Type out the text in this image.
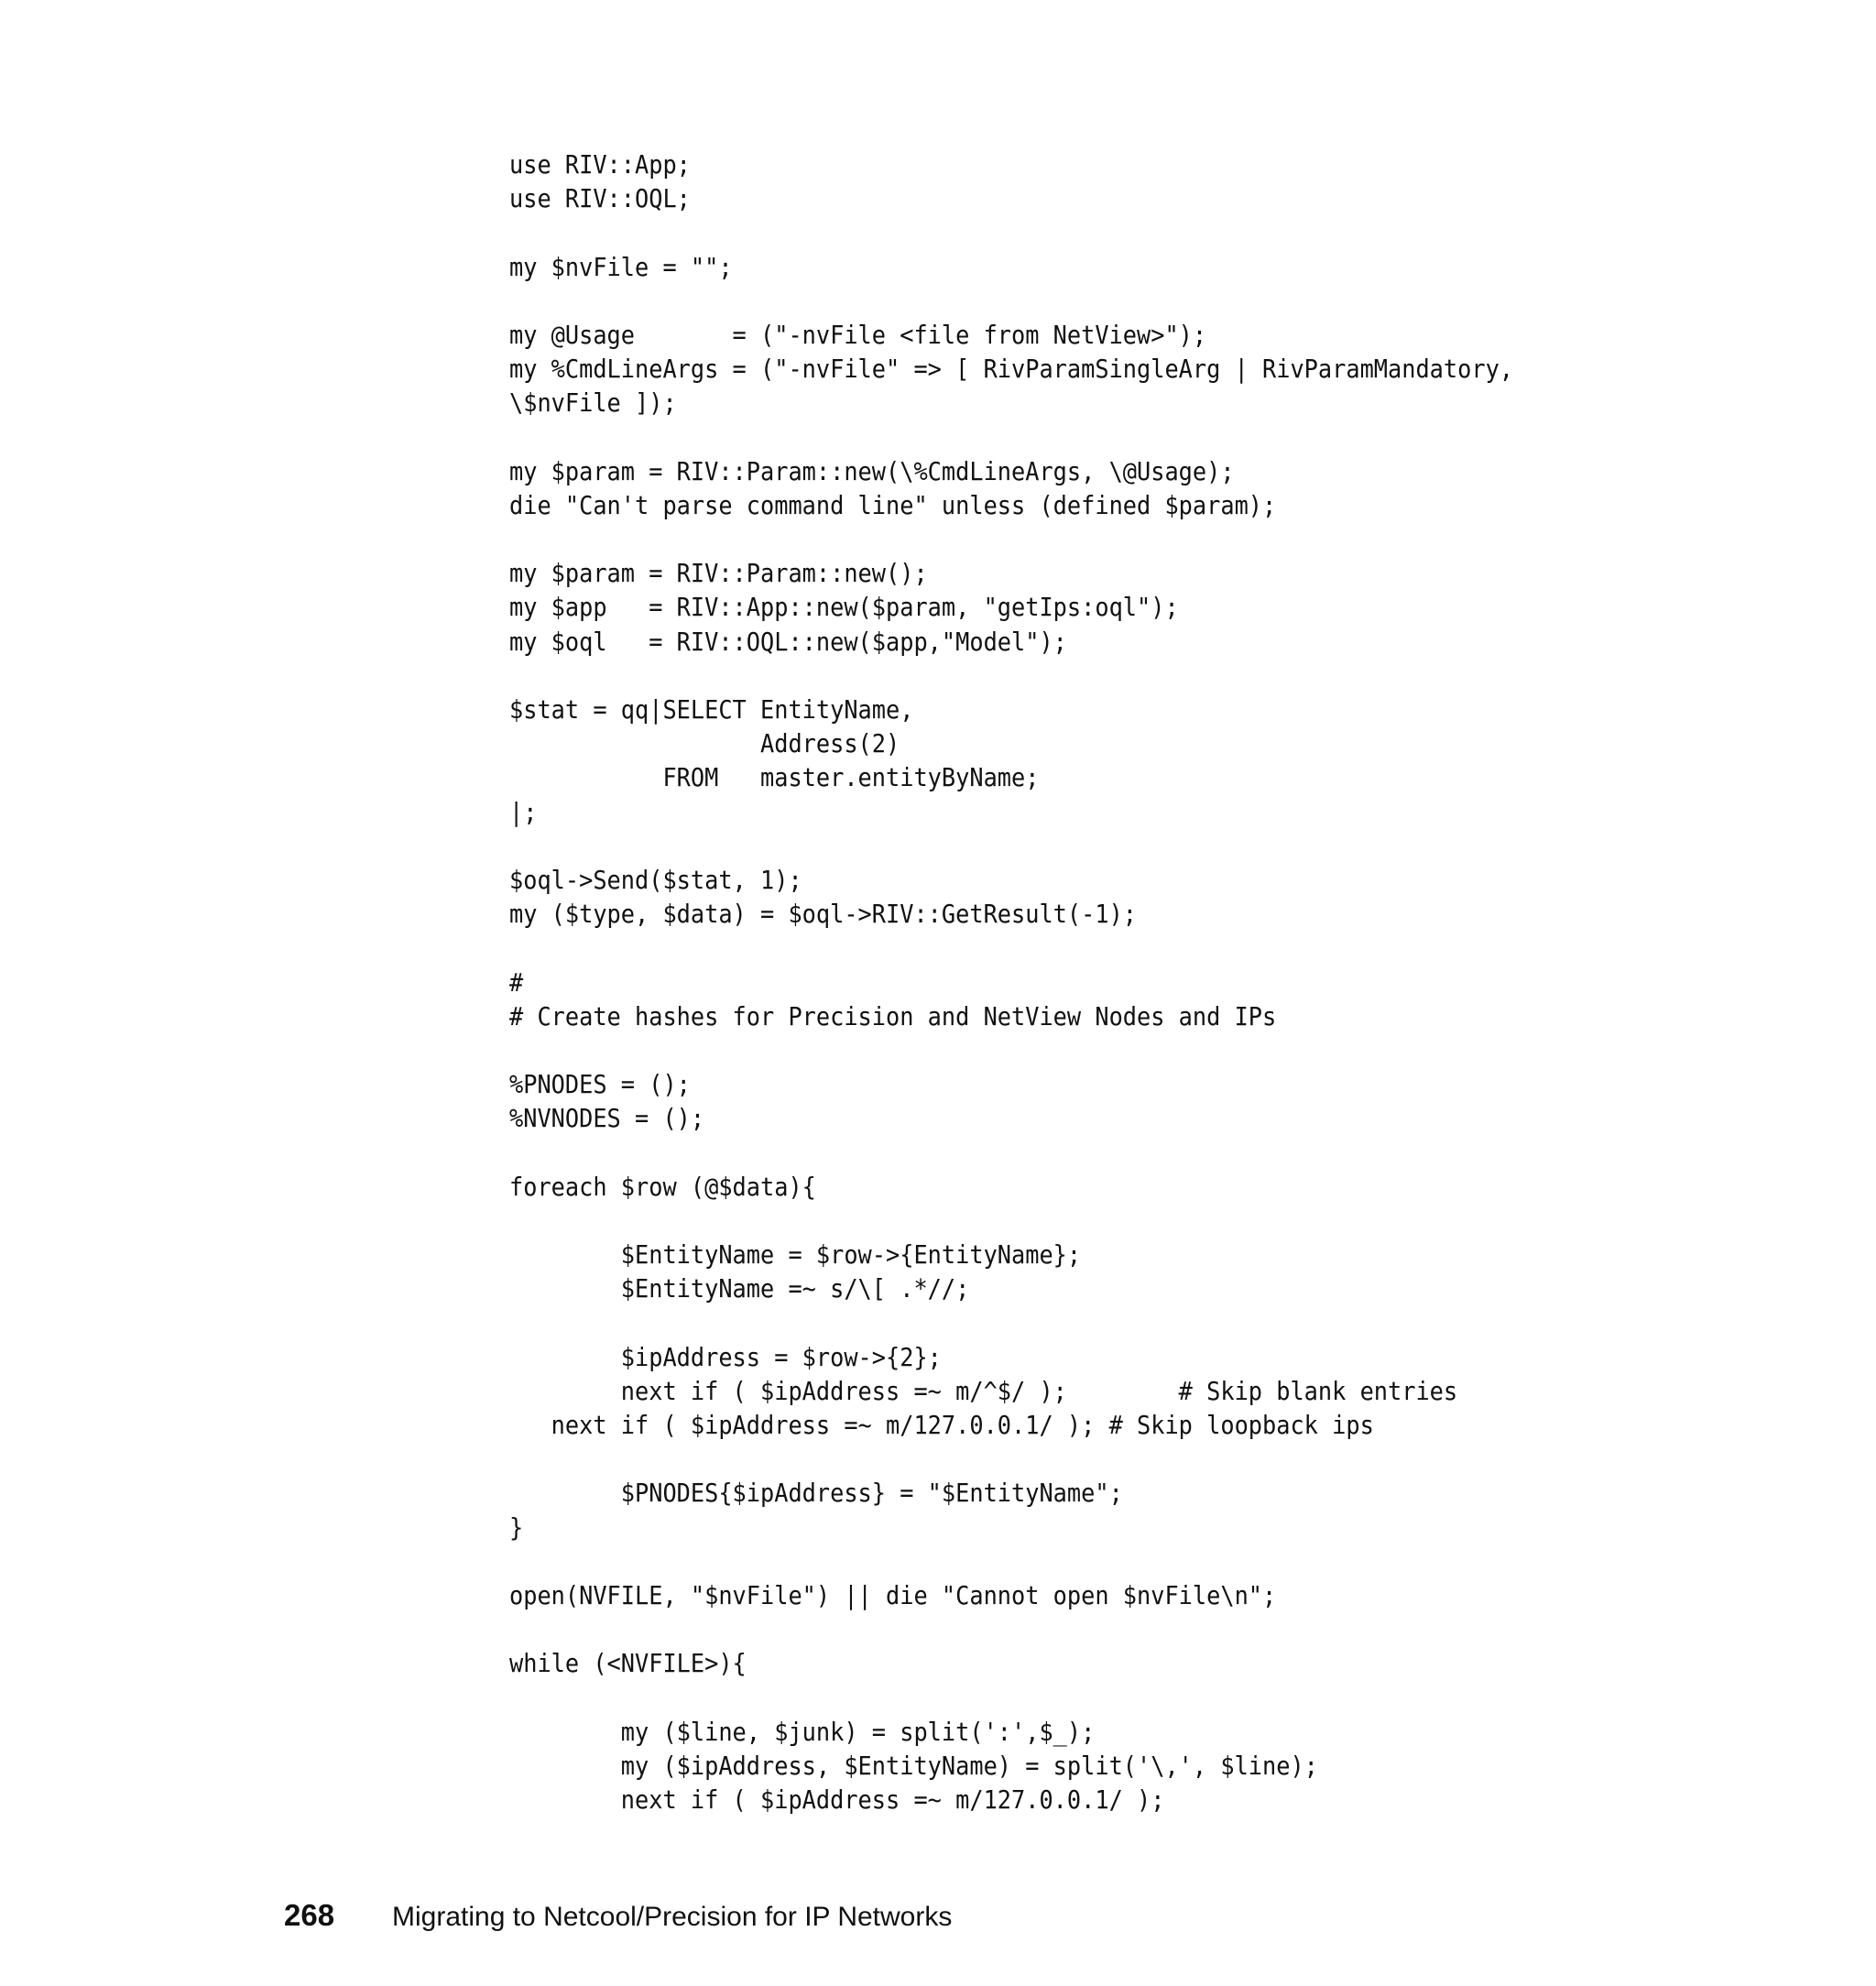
use RIV::App;
use RIV::OQL;
my $nvFile = "";
my @Usage       = ("-nvFile <file from NetView>");
my %CmdLineArgs = ("-nvFile" => [ RivParamSingleArg | RivParamMandatory,
\$nvFile ]);
my $param = RIV::Param::new(\%CmdLineArgs, \@Usage);
die "Can't parse command line" unless (defined $param);
my $param = RIV::Param::new();
my $app   = RIV::App::new($param, "getIps:oql");
my $oql   = RIV::OQL::new($app,"Model");
$stat = qq|SELECT EntityName,
Address(2)
FROM   master.entityByName;
|;
$oql->Send($stat, 1);
my ($type, $data) = $oql->RIV::GetResult(-1);
#
# Create hashes for Precision and NetView Nodes and IPs
%PNODES = ();
%NVNODES = ();
foreach $row (@$data){
$EntityName = $row->{EntityName};
$EntityName =~ s/\[ .*//;
$ipAddress = $row->{2};
next if ( $ipAddress =~ m/^$/ );        # Skip blank entries
next if ( $ipAddress =~ m/127.0.0.1/ ); # Skip loopback ips
$PNODES{$ipAddress} = "$EntityName";
}
open(NVFILE, "$nvFile") || die "Cannot open $nvFile\n";
while (<NVFILE>){
my ($line, $junk) = split(':',$_);
my ($ipAddress, $EntityName) = split('\,', $line);
next if ( $ipAddress =~ m/127.0.0.1/ );
268	Migrating to Netcool/Precision for IP Networks
